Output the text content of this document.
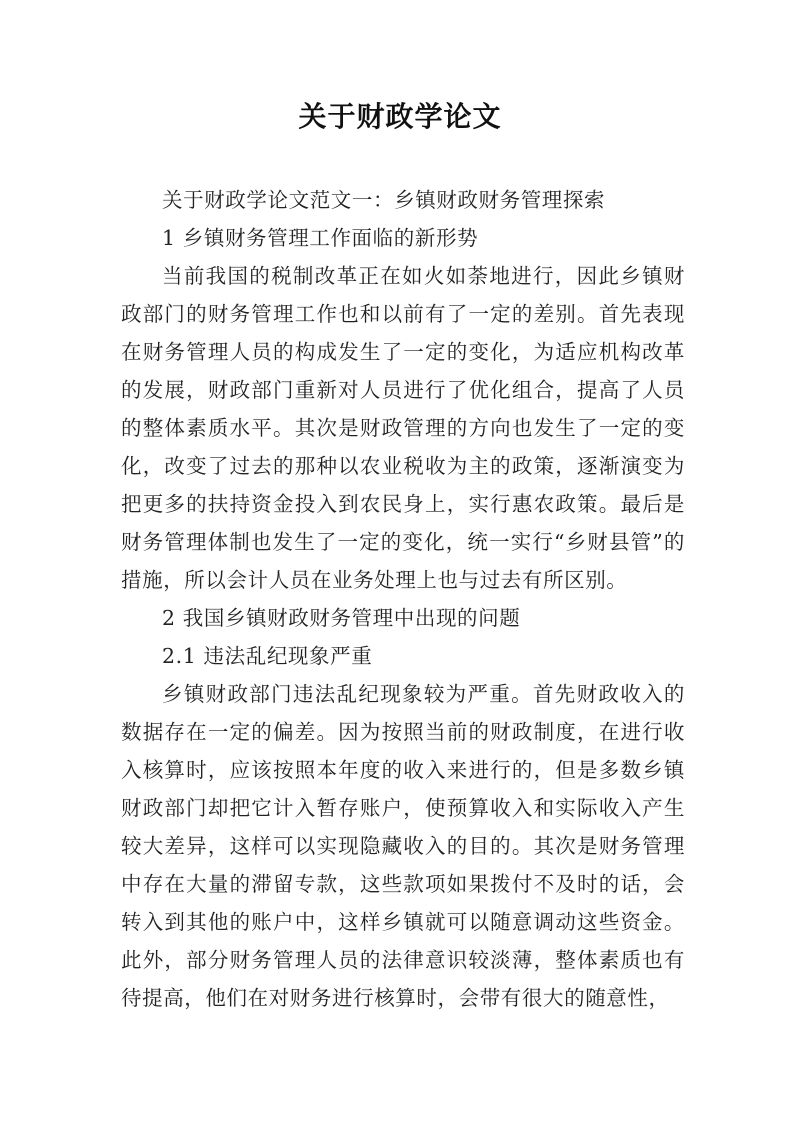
关于财政学论文

关于财政学论文范文一：乡镇财政财务管理探索

1 乡镇财务管理工作面临的新形势

当前我国的税制改革正在如火如荼地进行，因此乡镇财政部门的财务管理工作也和以前有了一定的差别。首先表现在财务管理人员的构成发生了一定的变化，为适应机构改革的发展，财政部门重新对人员进行了优化组合，提高了人员的整体素质水平。其次是财政管理的方向也发生了一定的变化，改变了过去的那种以农业税收为主的政策，逐渐演变为把更多的扶持资金投入到农民身上，实行惠农政策。最后是财务管理体制也发生了一定的变化，统一实行“乡财县管”的措施，所以会计人员在业务处理上也与过去有所区别。

2 我国乡镇财政财务管理中出现的问题

2.1 违法乱纪现象严重

乡镇财政部门违法乱纪现象较为严重。首先财政收入的数据存在一定的偏差。因为按照当前的财政制度，在进行收入核算时，应该按照本年度的收入来进行的，但是多数乡镇财政部门却把它计入暂存账户，使预算收入和实际收入产生较大差异，这样可以实现隐藏收入的目的。其次是财务管理中存在大量的滞留专款，这些款项如果拨付不及时的话，会转入到其他的账户中，这样乡镇就可以随意调动这些资金。此外，部分财务管理人员的法律意识较淡薄，整体素质也有待提高，他们在对财务进行核算时，会带有很大的随意性，
